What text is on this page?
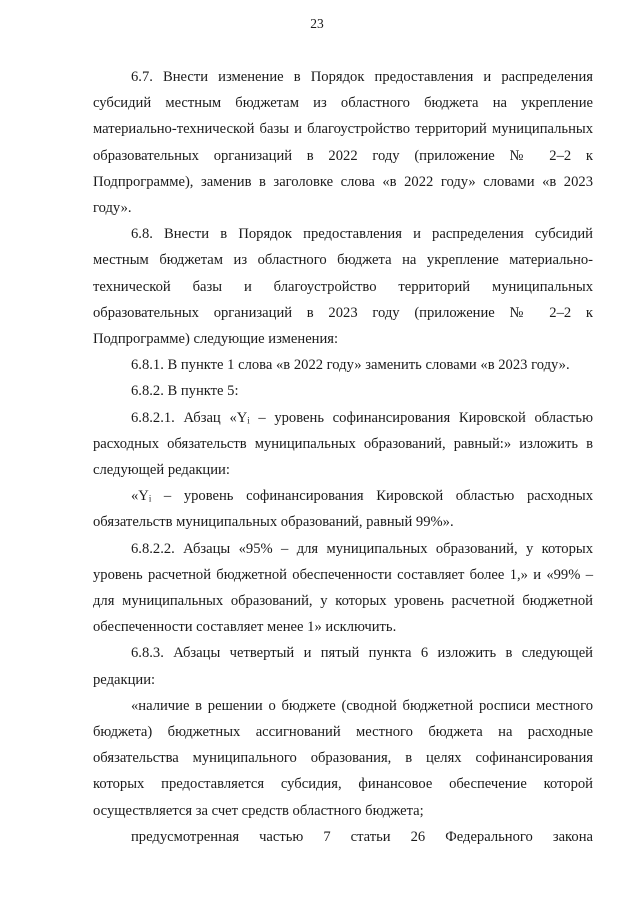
23

6.7. Внести изменение в Порядок предоставления и распределения субсидий местным бюджетам из областного бюджета на укрепление материально-технической базы и благоустройство территорий муниципальных образовательных организаций в 2022 году (приложение № 2–2 к Подпрограмме), заменив в заголовке слова «в 2022 году» словами «в 2023 году».

6.8. Внести в Порядок предоставления и распределения субсидий местным бюджетам из областного бюджета на укрепление материально-технической базы и благоустройство территорий муниципальных образовательных организаций в 2023 году (приложение № 2–2 к Подпрограмме) следующие изменения:

6.8.1. В пункте 1 слова «в 2022 году» заменить словами «в 2023 году».

6.8.2. В пункте 5:

6.8.2.1. Абзац «Yᵢ – уровень софинансирования Кировской областью расходных обязательств муниципальных образований, равный:» изложить в следующей редакции:

«Yᵢ – уровень софинансирования Кировской областью расходных обязательств муниципальных образований, равный 99%».

6.8.2.2. Абзацы «95% – для муниципальных образований, у которых уровень расчетной бюджетной обеспеченности составляет более 1,» и «99% – для муниципальных образований, у которых уровень расчетной бюджетной обеспеченности составляет менее 1» исключить.

6.8.3. Абзацы четвертый и пятый пункта 6 изложить в следующей редакции:

«наличие в решении о бюджете (сводной бюджетной росписи местного бюджета) бюджетных ассигнований местного бюджета на расходные обязательства муниципального образования, в целях софинансирования которых предоставляется субсидия, финансовое обеспечение которой осуществляется за счет средств областного бюджета;

предусмотренная частью 7 статьи 26 Федерального закона
